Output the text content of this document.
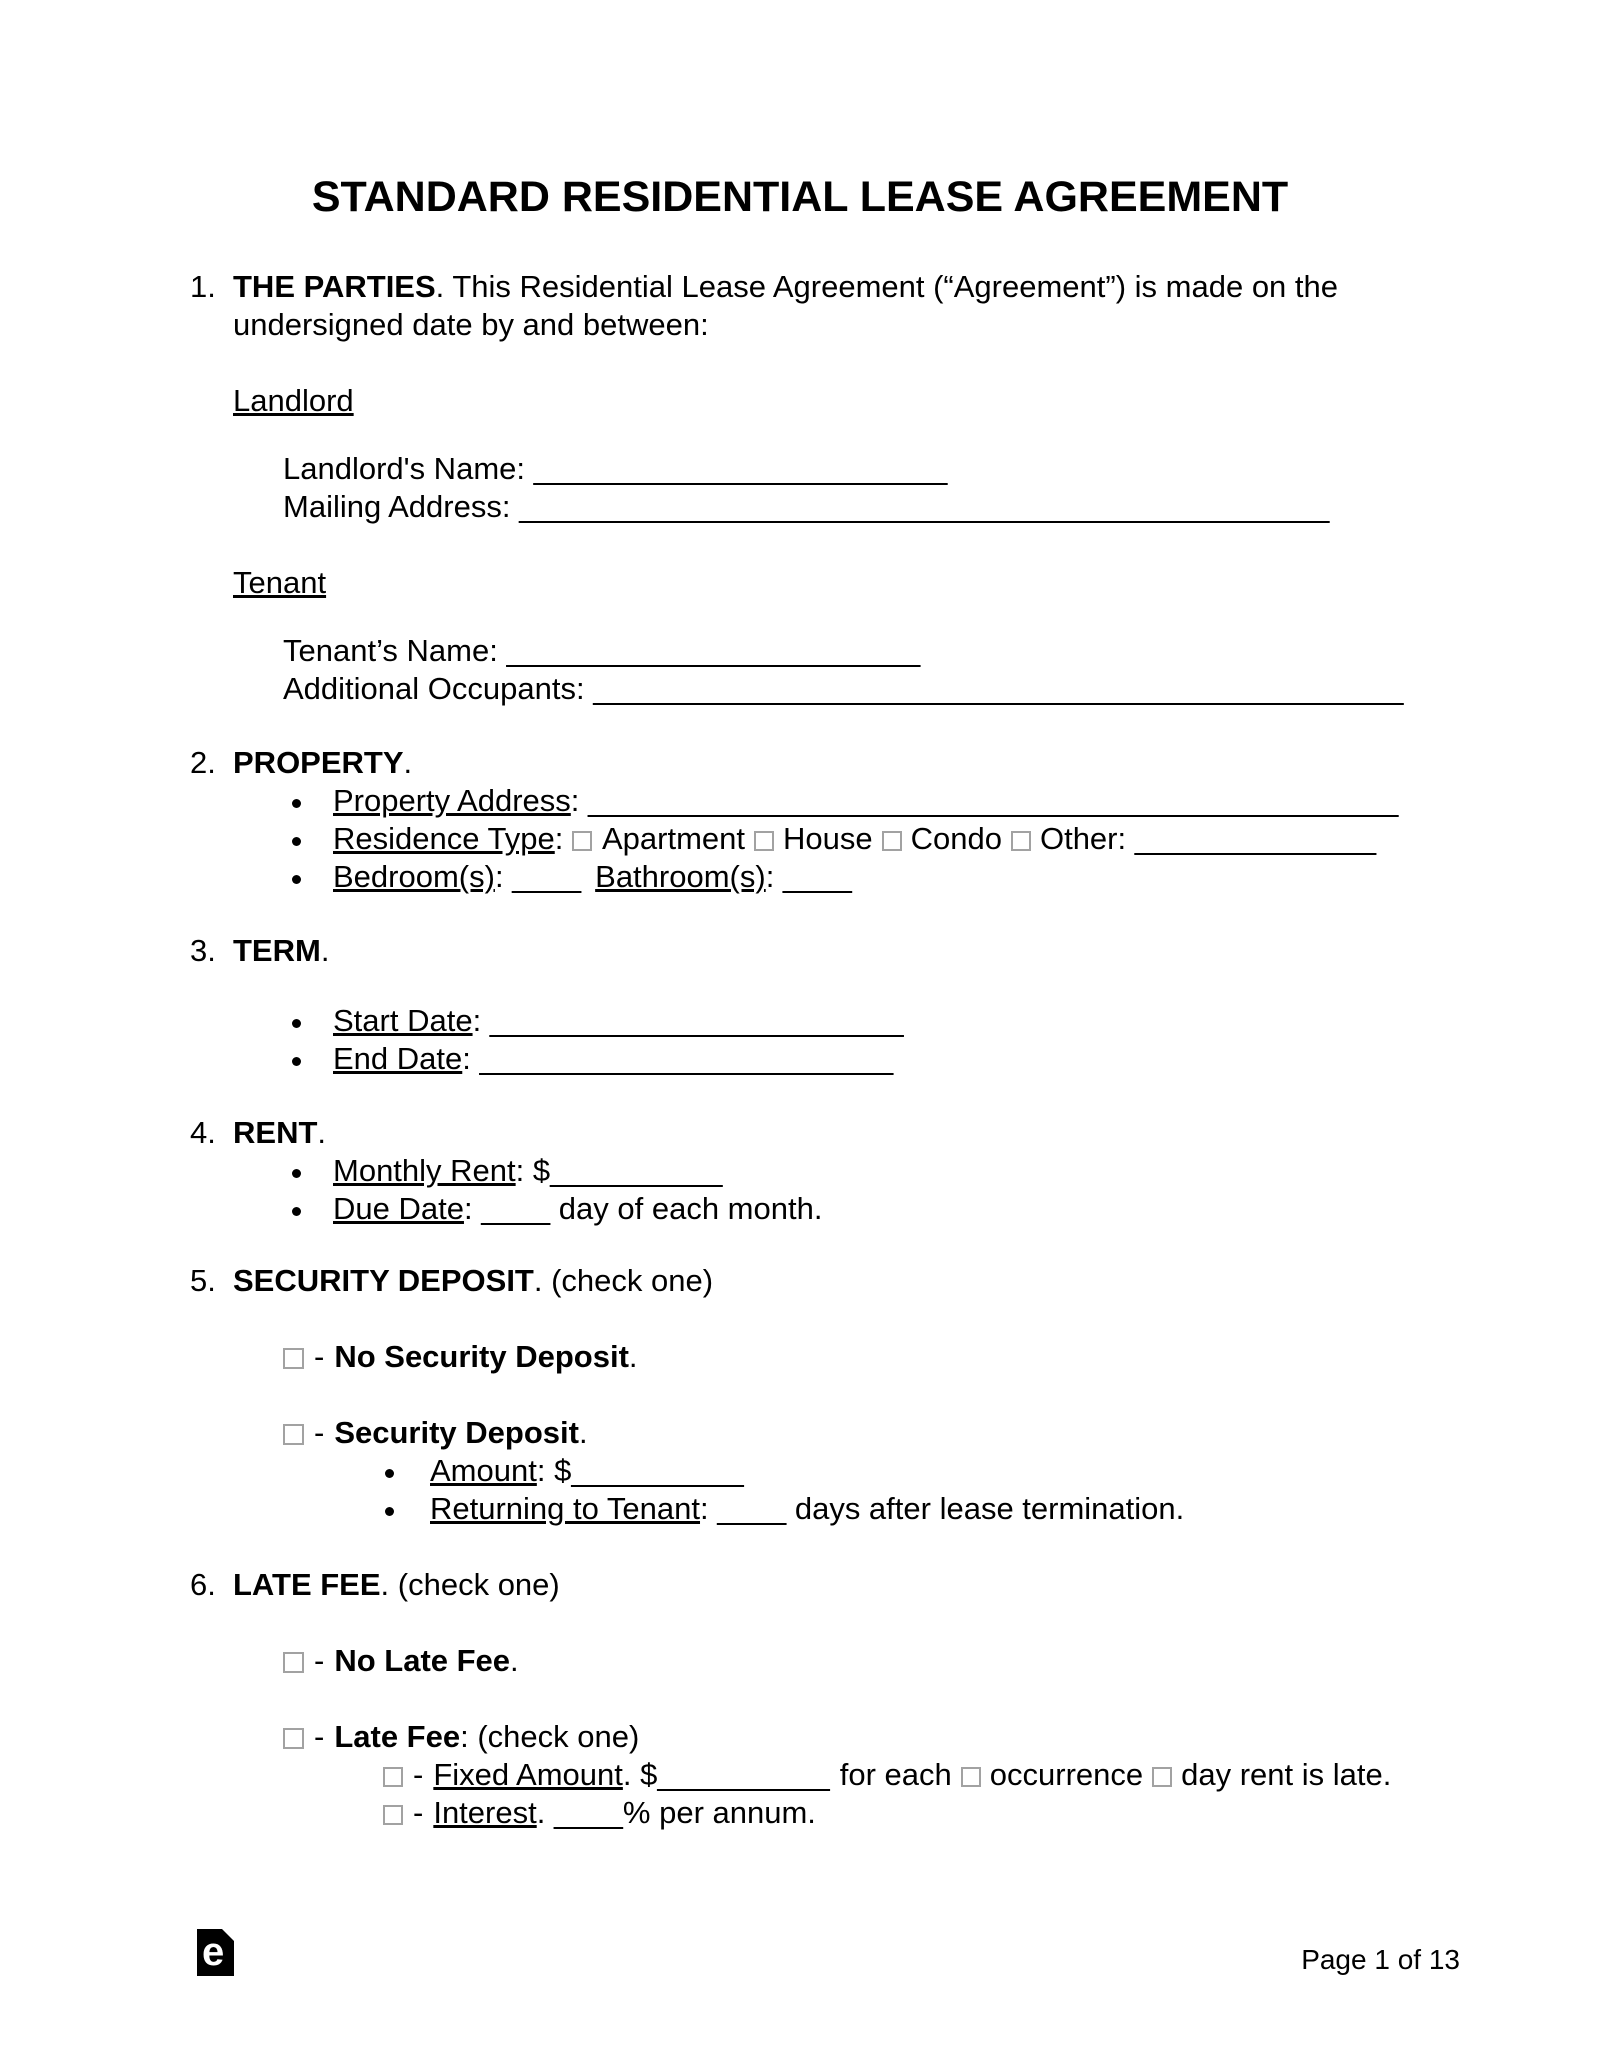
STANDARD RESIDENTIAL LEASE AGREEMENT
1. THE PARTIES. This Residential Lease Agreement (“Agreement”) is made on the undersigned date by and between:
Landlord
Landlord's Name: ________________________
Mailing Address: _______________________________________________
Tenant
Tenant’s Name: ________________________
Additional Occupants: _______________________________________________
2. PROPERTY.
Property Address: _______________________________________________
Residence Type: Apartment House Condo Other: ______________
Bedroom(s): ____ Bathroom(s): ____
3. TERM.
Start Date: ________________________
End Date: ________________________
4. RENT.
Monthly Rent: $__________
Due Date: ____ day of each month.
5. SECURITY DEPOSIT. (check one)
- No Security Deposit.
- Security Deposit.
Amount: $__________
Returning to Tenant: ____ days after lease termination.
6. LATE FEE. (check one)
- No Late Fee.
- Late Fee: (check one)
- Fixed Amount. $__________ for each occurrence day rent is late.
- Interest. ____% per annum.
e	Page 1 of 13
